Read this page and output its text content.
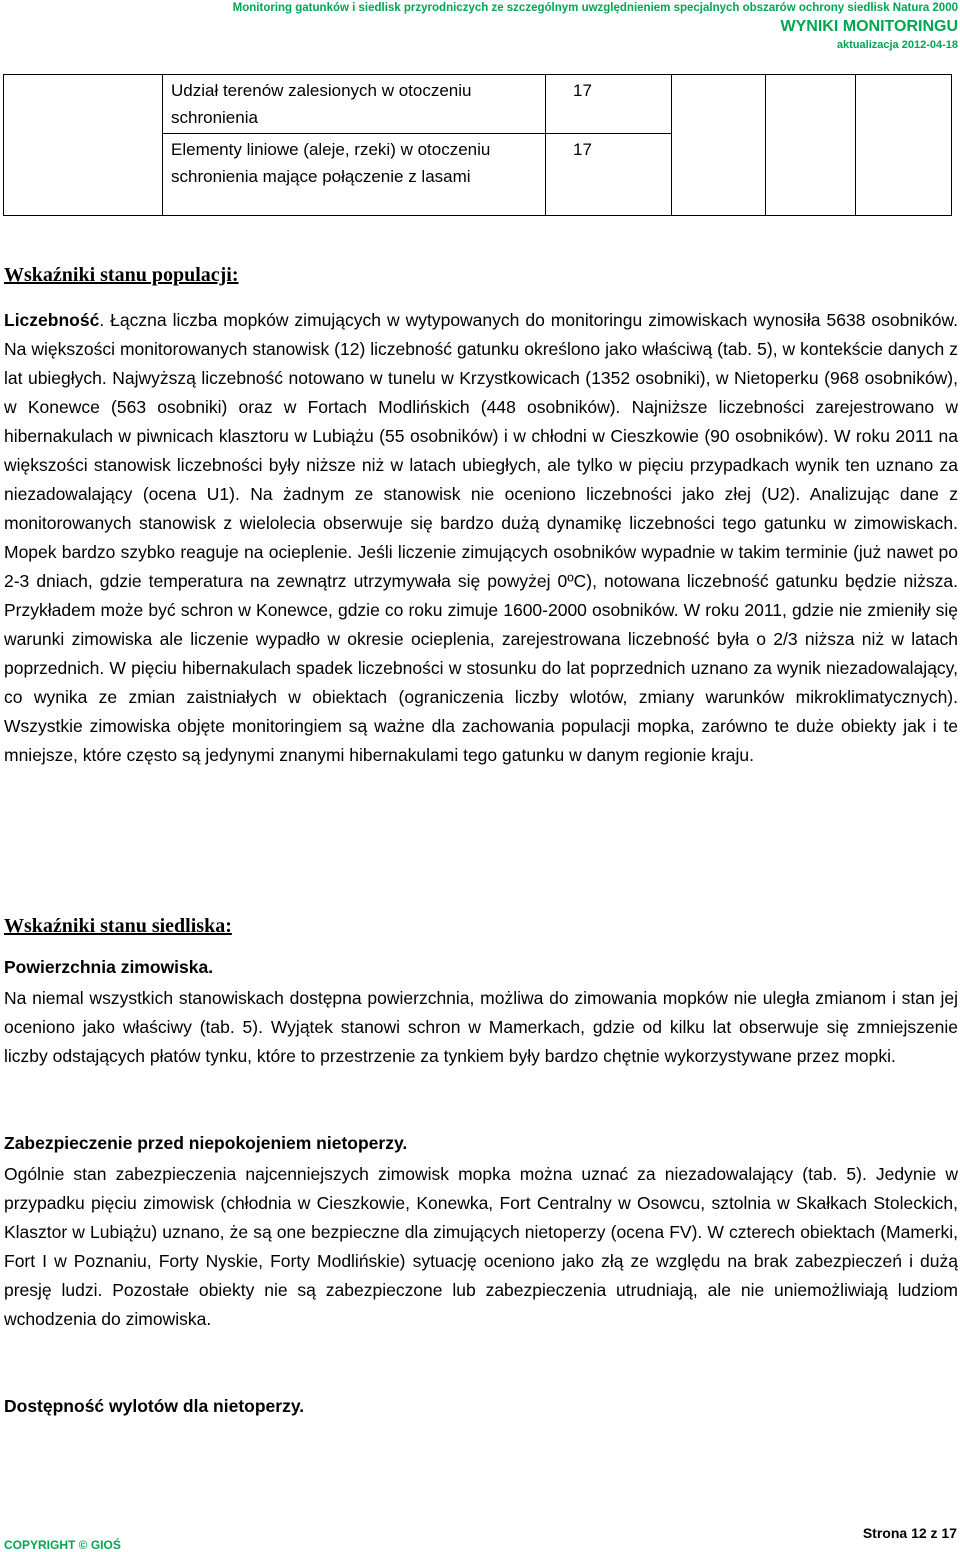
Monitoring gatunków i siedlisk przyrodniczych ze szczególnym uwzględnieniem specjalnych obszarów ochrony siedlisk Natura 2000
WYNIKI MONITORINGU
aktualizacja 2012-04-18
	Udział terenów zalesionych w otoczeniu schronienia	17			
	Elementy liniowe (aleje, rzeki) w otoczeniu schronienia mające połączenie z lasami	17			
Wskaźniki stanu populacji:

Liczebność. Łączna liczba mopków zimujących w wytypowanych do monitoringu zimowiskach wynosiła 5638 osobników. Na większości monitorowanych stanowisk (12) liczebność gatunku określono jako właściwą (tab. 5), w kontekście danych z lat ubiegłych. Najwyższą liczebność notowano w tunelu w Krzystkowicach (1352 osobniki), w Nietoperku (968 osobników), w Konewce (563 osobniki) oraz w Fortach Modlińskich (448 osobników). Najniższe liczebności zarejestrowano w hibernakulach w piwnicach klasztoru w Lubiążu (55 osobników) i w chłodni w Cieszkowie (90 osobników). W roku 2011 na większości stanowisk liczebności były niższe niż w latach ubiegłych, ale tylko w pięciu przypadkach wynik ten uznano za niezadowalający (ocena U1). Na żadnym ze stanowisk nie oceniono liczebności jako złej (U2). Analizując dane z monitorowanych stanowisk z wielolecia obserwuje się bardzo dużą dynamikę liczebności tego gatunku w zimowiskach. Mopek bardzo szybko reaguje na ocieplenie. Jeśli liczenie zimujących osobników wypadnie w takim terminie (już nawet po 2-3 dniach, gdzie temperatura na zewnątrz utrzymywała się powyżej 0ºC), notowana liczebność gatunku będzie niższa. Przykładem może być schron w Konewce, gdzie co roku zimuje 1600-2000 osobników. W roku 2011, gdzie nie zmieniły się warunki zimowiska ale liczenie wypadło w okresie ocieplenia, zarejestrowana liczebność była o 2/3 niższa niż w latach poprzednich. W pięciu hibernakulach spadek liczebności w stosunku do lat poprzednich uznano za wynik niezadowalający, co wynika ze zmian zaistniałych w obiektach (ograniczenia liczby wlotów, zmiany warunków mikroklimatycznych). Wszystkie zimowiska objęte monitoringiem są ważne dla zachowania populacji mopka, zarówno te duże obiekty jak i te mniejsze, które często są jedynymi znanymi hibernakulami tego gatunku w danym regionie kraju.

Wskaźniki stanu siedliska:

Powierzchnia zimowiska.

Na niemal wszystkich stanowiskach dostępna powierzchnia, możliwa do zimowania mopków nie uległa zmianom i stan jej oceniono jako właściwy (tab. 5). Wyjątek stanowi schron w Mamerkach, gdzie od kilku lat obserwuje się zmniejszenie liczby odstających płatów tynku, które to przestrzenie za tynkiem były bardzo chętnie wykorzystywane przez mopki.

Zabezpieczenie przed niepokojeniem nietoperzy.

Ogólnie stan zabezpieczenia najcenniejszych zimowisk mopka można uznać za niezadowalający (tab. 5). Jedynie w przypadku pięciu zimowisk (chłodnia w Cieszkowie, Konewka, Fort Centralny w Osowcu, sztolnia w Skałkach Stoleckich, Klasztor w Lubiążu) uznano, że są one bezpieczne dla zimujących nietoperzy (ocena FV). W czterech obiektach (Mamerki, Fort I w Poznaniu, Forty Nyskie, Forty Modlińskie) sytuację oceniono jako złą ze względu na brak zabezpieczeń i dużą presję ludzi. Pozostałe obiekty nie są zabezpieczone lub zabezpieczenia utrudniają, ale nie uniemożliwiają ludziom wchodzenia do zimowiska.

Dostępność wylotów dla nietoperzy.

COPYRIGHT © GIOŚ
Strona 12 z 17
